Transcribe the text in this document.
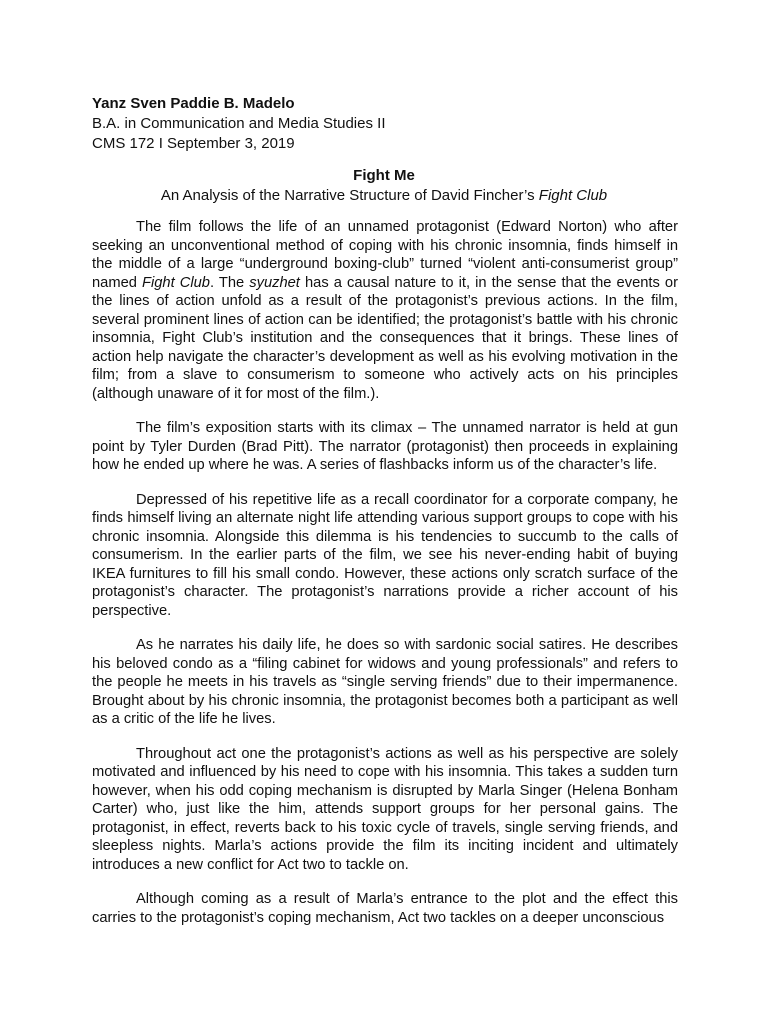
Yanz Sven Paddie B. Madelo
B.A. in Communication and Media Studies II
CMS 172 I September 3, 2019
Fight Me
An Analysis of the Narrative Structure of David Fincher’s Fight Club

The film follows the life of an unnamed protagonist (Edward Norton) who after seeking an unconventional method of coping with his chronic insomnia, finds himself in the middle of a large “underground boxing-club” turned “violent anti-consumerist group” named Fight Club. The syuzhet has a causal nature to it, in the sense that the events or the lines of action unfold as a result of the protagonist’s previous actions. In the film, several prominent lines of action can be identified; the protagonist’s battle with his chronic insomnia, Fight Club’s institution and the consequences that it brings. These lines of action help navigate the character’s development as well as his evolving motivation in the film; from a slave to consumerism to someone who actively acts on his principles (although unaware of it for most of the film.).

The film’s exposition starts with its climax – The unnamed narrator is held at gun point by Tyler Durden (Brad Pitt). The narrator (protagonist) then proceeds in explaining how he ended up where he was. A series of flashbacks inform us of the character’s life.

Depressed of his repetitive life as a recall coordinator for a corporate company, he finds himself living an alternate night life attending various support groups to cope with his chronic insomnia. Alongside this dilemma is his tendencies to succumb to the calls of consumerism. In the earlier parts of the film, we see his never-ending habit of buying IKEA furnitures to fill his small condo. However, these actions only scratch surface of the protagonist’s character. The protagonist’s narrations provide a richer account of his perspective.

As he narrates his daily life, he does so with sardonic social satires. He describes his beloved condo as a “filing cabinet for widows and young professionals” and refers to the people he meets in his travels as “single serving friends” due to their impermanence. Brought about by his chronic insomnia, the protagonist becomes both a participant as well as a critic of the life he lives.

Throughout act one the protagonist’s actions as well as his perspective are solely motivated and influenced by his need to cope with his insomnia. This takes a sudden turn however, when his odd coping mechanism is disrupted by Marla Singer (Helena Bonham Carter) who, just like the him, attends support groups for her personal gains. The protagonist, in effect, reverts back to his toxic cycle of travels, single serving friends, and sleepless nights. Marla’s actions provide the film its inciting incident and ultimately introduces a new conflict for Act two to tackle on.

Although coming as a result of Marla’s entrance to the plot and the effect this carries to the protagonist’s coping mechanism, Act two tackles on a deeper unconscious
